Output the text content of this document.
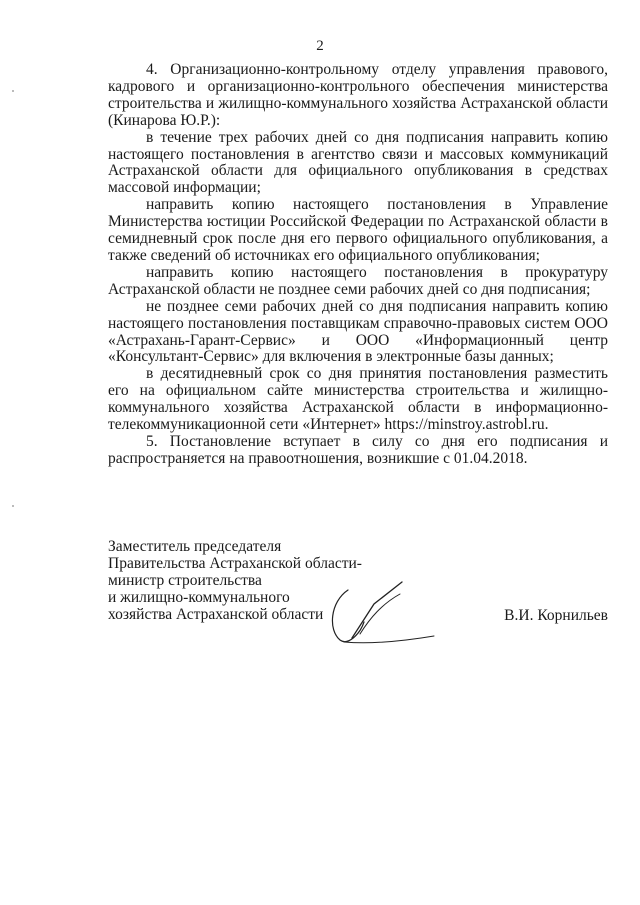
2

4. Организационно-контрольному отделу управления правового, кадрового и организационно-контрольного обеспечения министерства строительства и жилищно-коммунального хозяйства Астраханской области (Кинарова Ю.Р.):

в течение трех рабочих дней со дня подписания направить копию настоящего постановления в агентство связи и массовых коммуникаций Астраханской области для официального опубликования в средствах массовой информации;

направить копию настоящего постановления в Управление Министерства юстиции Российской Федерации по Астраханской области в семидневный срок после дня его первого официального опубликования, а также сведений об источниках его официального опубликования;

направить копию настоящего постановления в прокуратуру Астраханской области не позднее семи рабочих дней со дня подписания;

не позднее семи рабочих дней со дня подписания направить копию настоящего постановления поставщикам справочно-правовых систем ООО «Астрахань-Гарант-Сервис» и ООО «Информационный центр «Консультант-Сервис» для включения в электронные базы данных;

в десятидневный срок со дня принятия постановления разместить его на официальном сайте министерства строительства и жилищно-коммунального хозяйства Астраханской области в информационно-телекоммуникационной сети «Интернет» https://minstroy.astrobl.ru.

5. Постановление вступает в силу со дня его подписания и распространяется на правоотношения, возникшие с 01.04.2018.

Заместитель председателя
Правительства Астраханской области-
министр строительства
и жилищно-коммунального
хозяйства Астраханской области	В.И. Корнильев
